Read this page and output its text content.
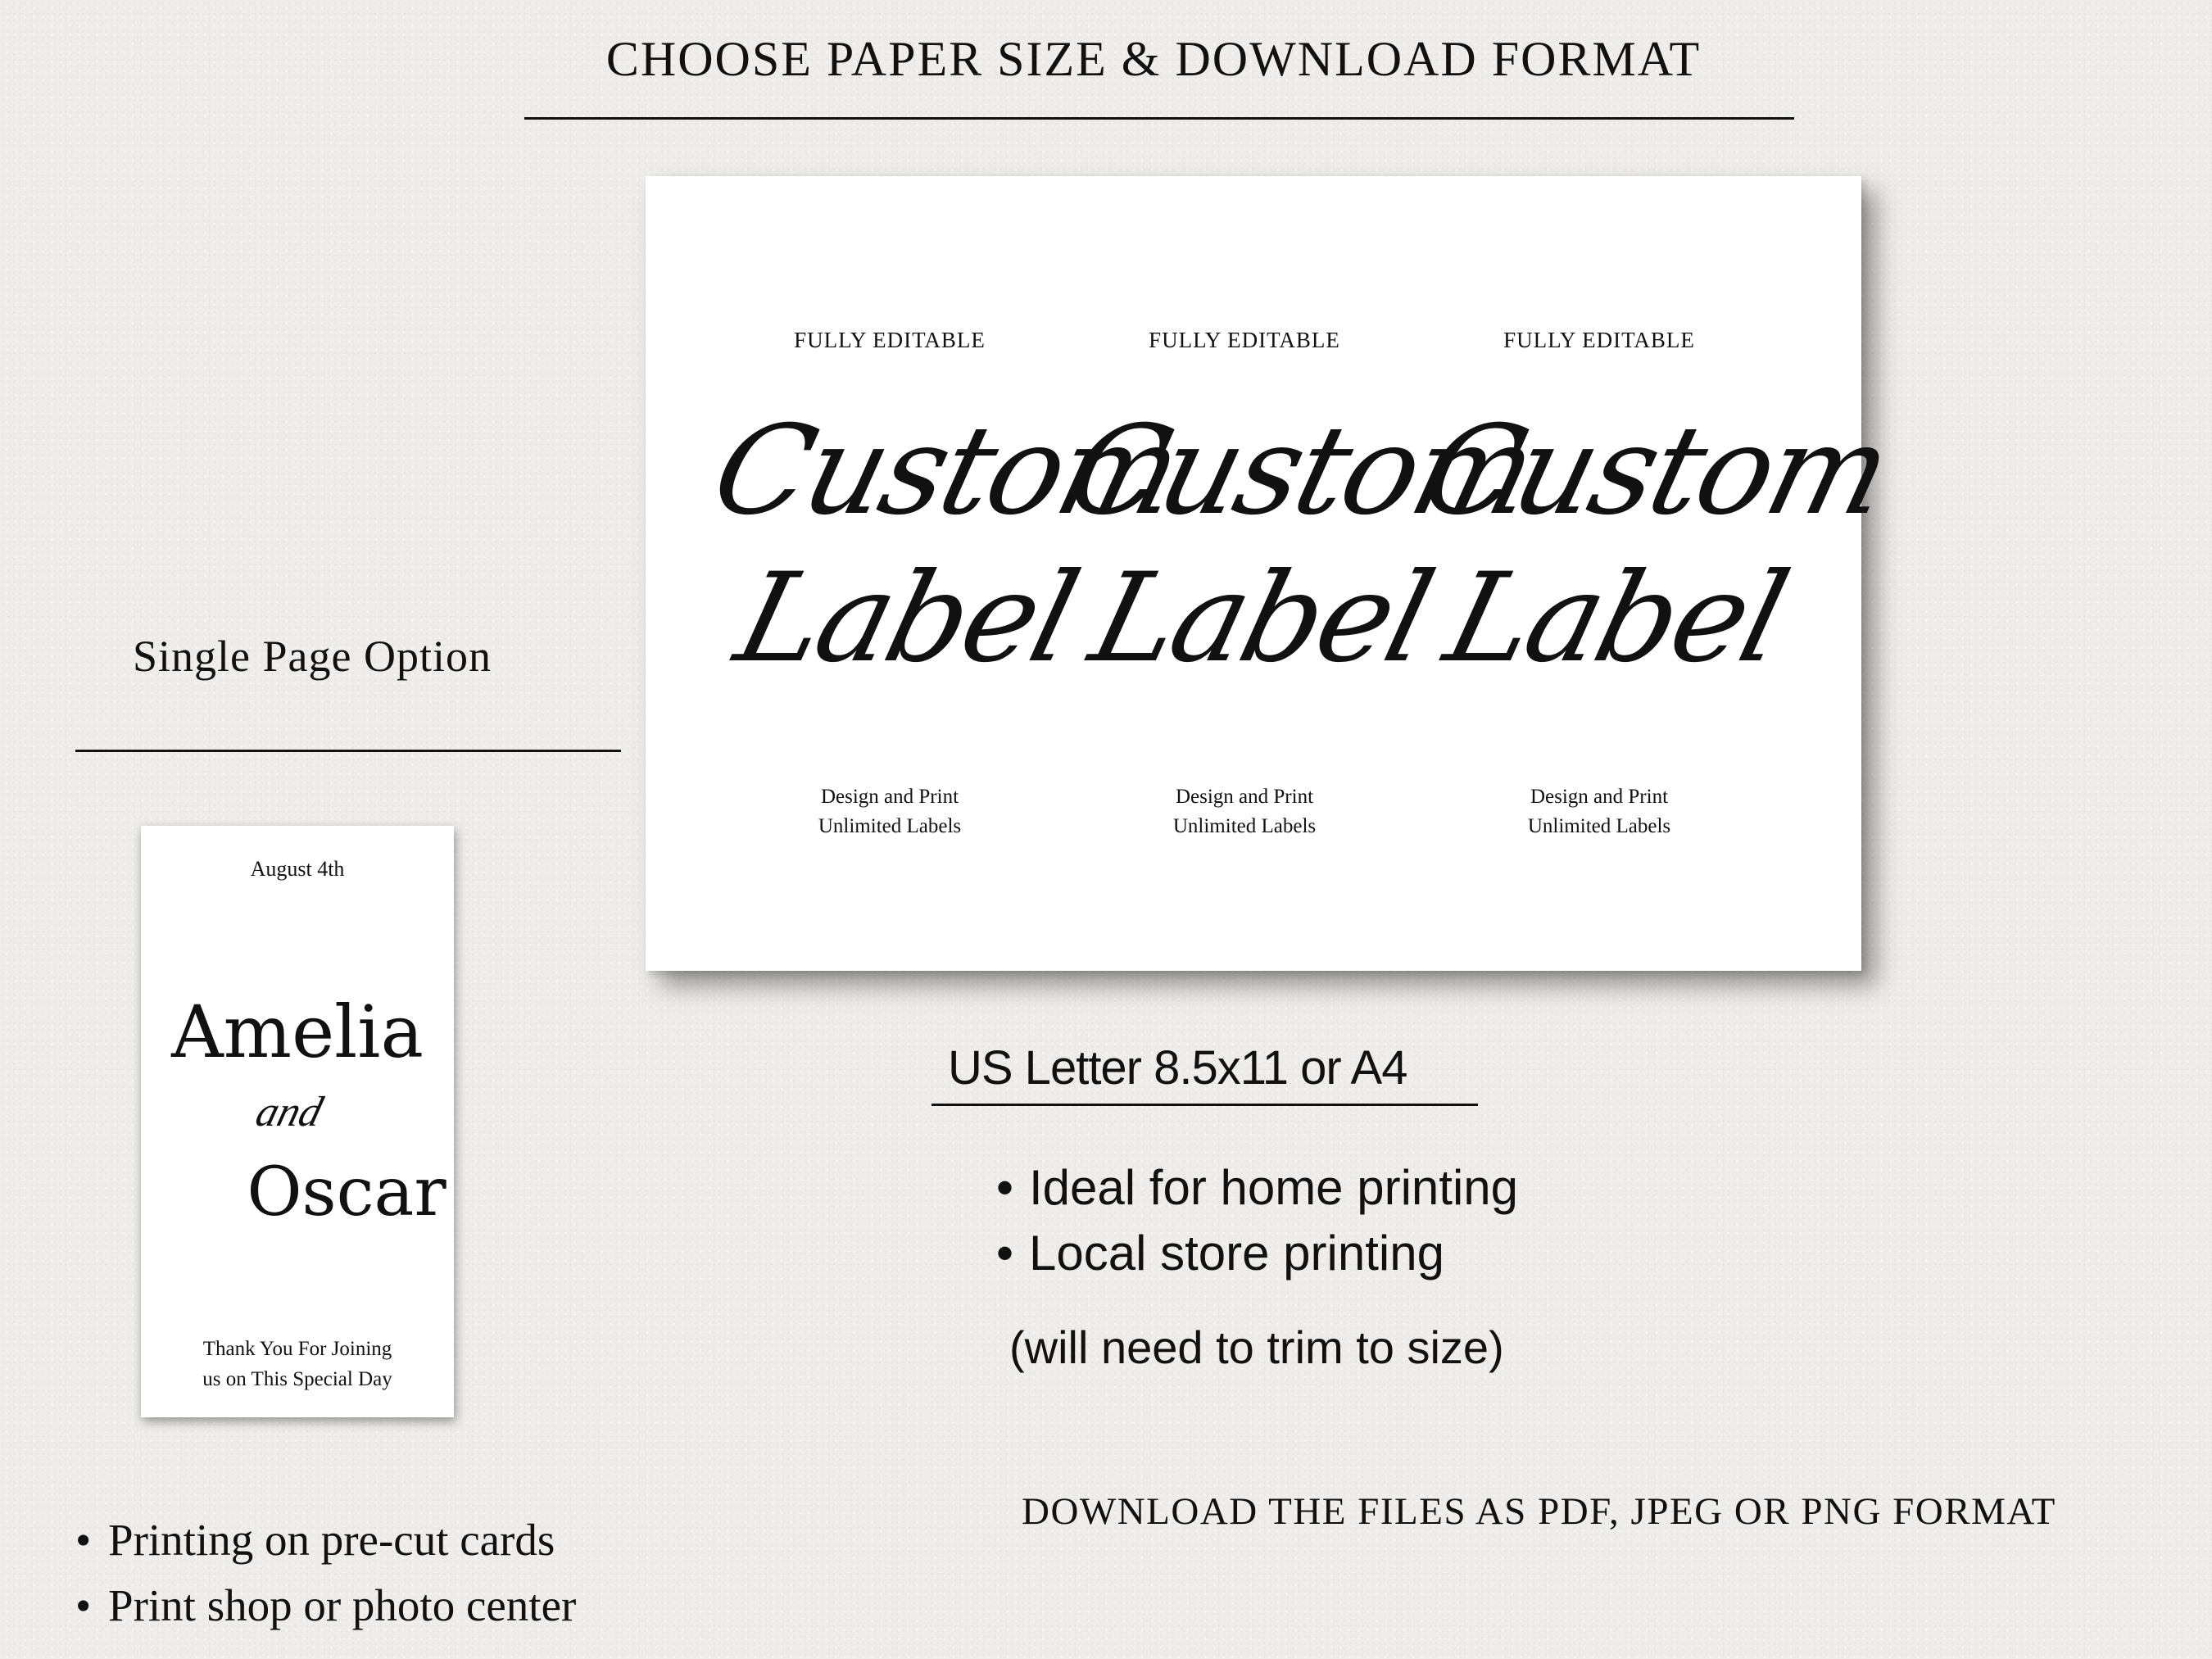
CHOOSE PAPER SIZE & DOWNLOAD FORMAT
FULLY EDITABLE
Custom
Label
Design and Print
Unlimited Labels
FULLY EDITABLE
Custom
Label
Design and Print
Unlimited Labels
FULLY EDITABLE
Custom
Label
Design and Print
Unlimited Labels
Single Page Option
August 4th
Amelia
and
Oscar
Thank You For Joining
us on This Special Day
US Letter 8.5x11 or A4
• Ideal for home printing
• Local store printing
(will need to trim to size)
DOWNLOAD THE FILES AS PDF, JPEG OR PNG FORMAT
• Printing on pre-cut cards
• Print shop or photo center
